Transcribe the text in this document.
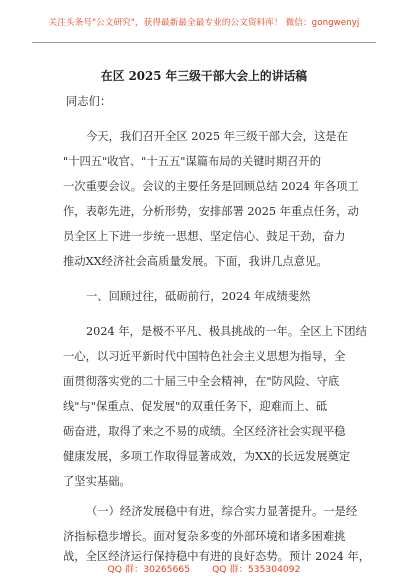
关注头条号"公文研究"，获得最新最全最专业的公文资料库！ 微信：gongwenyj
在区 2025 年三级干部大会上的讲话稿
同志们：
今天，我们召开全区 2025 年三级干部大会，这是在
"十四五"收官、"十五五"谋篇布局的关键时期召开的
一次重要会议。会议的主要任务是回顾总结 2024 年各项工
作，表彰先进，分析形势，安排部署 2025 年重点任务，动
员全区上下进一步统一思想、坚定信心、鼓足干劲，奋力
推动XX经济社会高质量发展。下面，我讲几点意见。
一、回顾过往，砥砺前行，2024 年成绩斐然
2024 年，是极不平凡、极具挑战的一年。全区上下团结
一心，以习近平新时代中国特色社会主义思想为指导，全
面贯彻落实党的二十届三中全会精神，在"防风险、守底
线"与"保重点、促发展"的双重任务下，迎难而上、砥
砺奋进，取得了来之不易的成绩。全区经济社会实现平稳
健康发展，多项工作取得显著成效，为XX的长远发展奠定
了坚实基础。
（一）经济发展稳中有进，综合实力显著提升。一是经
济指标稳步增长。面对复杂多变的外部环境和诸多困难挑
战，全区经济运行保持稳中有进的良好态势。预计 2024 年，
QQ 群：30265665 QQ 群：535304092
